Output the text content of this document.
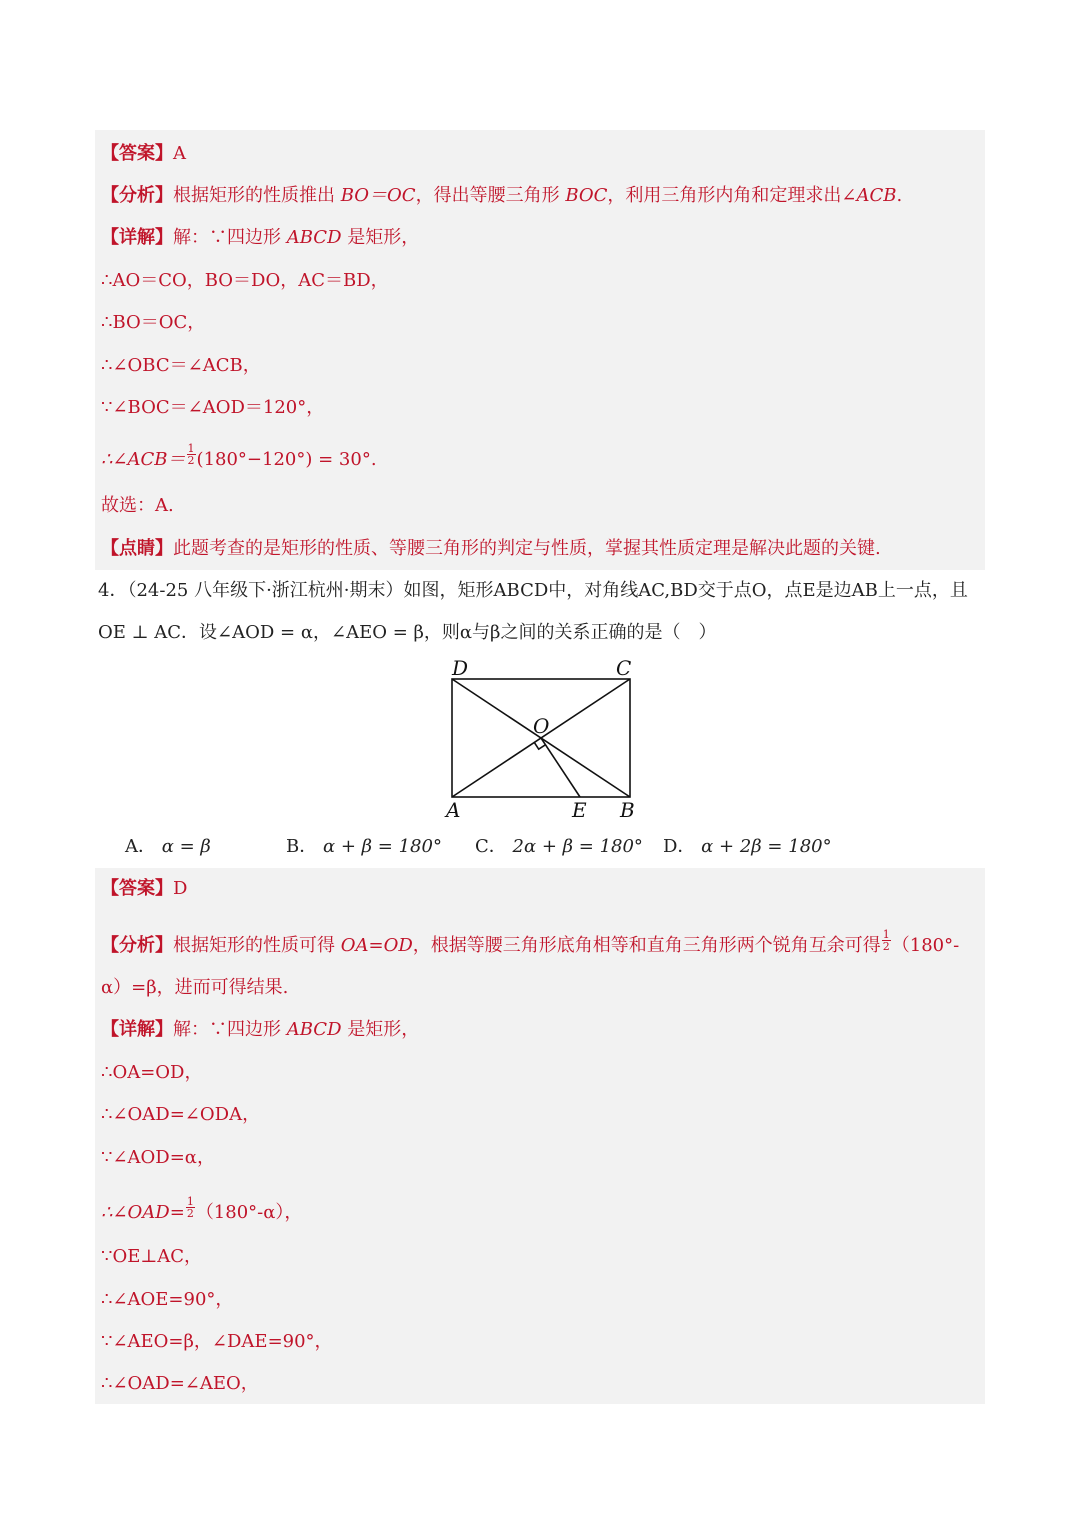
【答案】A
【分析】根据矩形的性质推出 BO＝OC，得出等腰三角形 BOC，利用三角形内角和定理求出∠ACB.
【详解】解：∵四边形 ABCD 是矩形，
∴AO＝CO，BO＝DO，AC＝BD，
∴BO＝OC，
∴∠OBC＝∠ACB，
∵∠BOC＝∠AOD＝120°，
∴∠ACB＝ $\frac{1}{2} (180^\circ-120^\circ) = 30^\circ$.
故选：A.
【点睛】此题考查的是矩形的性质、等腰三角形的判定与性质，掌握其性质定理是解决此题的关键.
4．（24-25 八年级下·浙江杭州·期末）如图，矩形ABCD中，对角线AC,BD交于点O，点E是边AB上一点，且
OE ⊥ AC．设∠AOD = α，∠AEO = β，则α与β之间的关系正确的是（　）
D	C
O
A	E B
A． α = β	B． α + β = 180° C． 2α + β = 180° D． α + 2β = 180°
【答案】D
【分析】根据矩形的性质可得 OA=OD，根据等腰三角形底角相等和直角三角形两个锐角互余可得 $\frac{1}{2} (180^\circ-$
α）=β，进而可得结果.
【详解】解：∵四边形 ABCD 是矩形，
∴OA=OD，
∴∠OAD=∠ODA，
∵∠AOD=α，
∴∠OAD= $\frac{1}{2} (180^\circ-\alpha)$，
∵OE⊥AC，
∴∠AOE=90°，
∵∠AEO=β，∠DAE=90°，
∴∠OAD=∠AEO，
